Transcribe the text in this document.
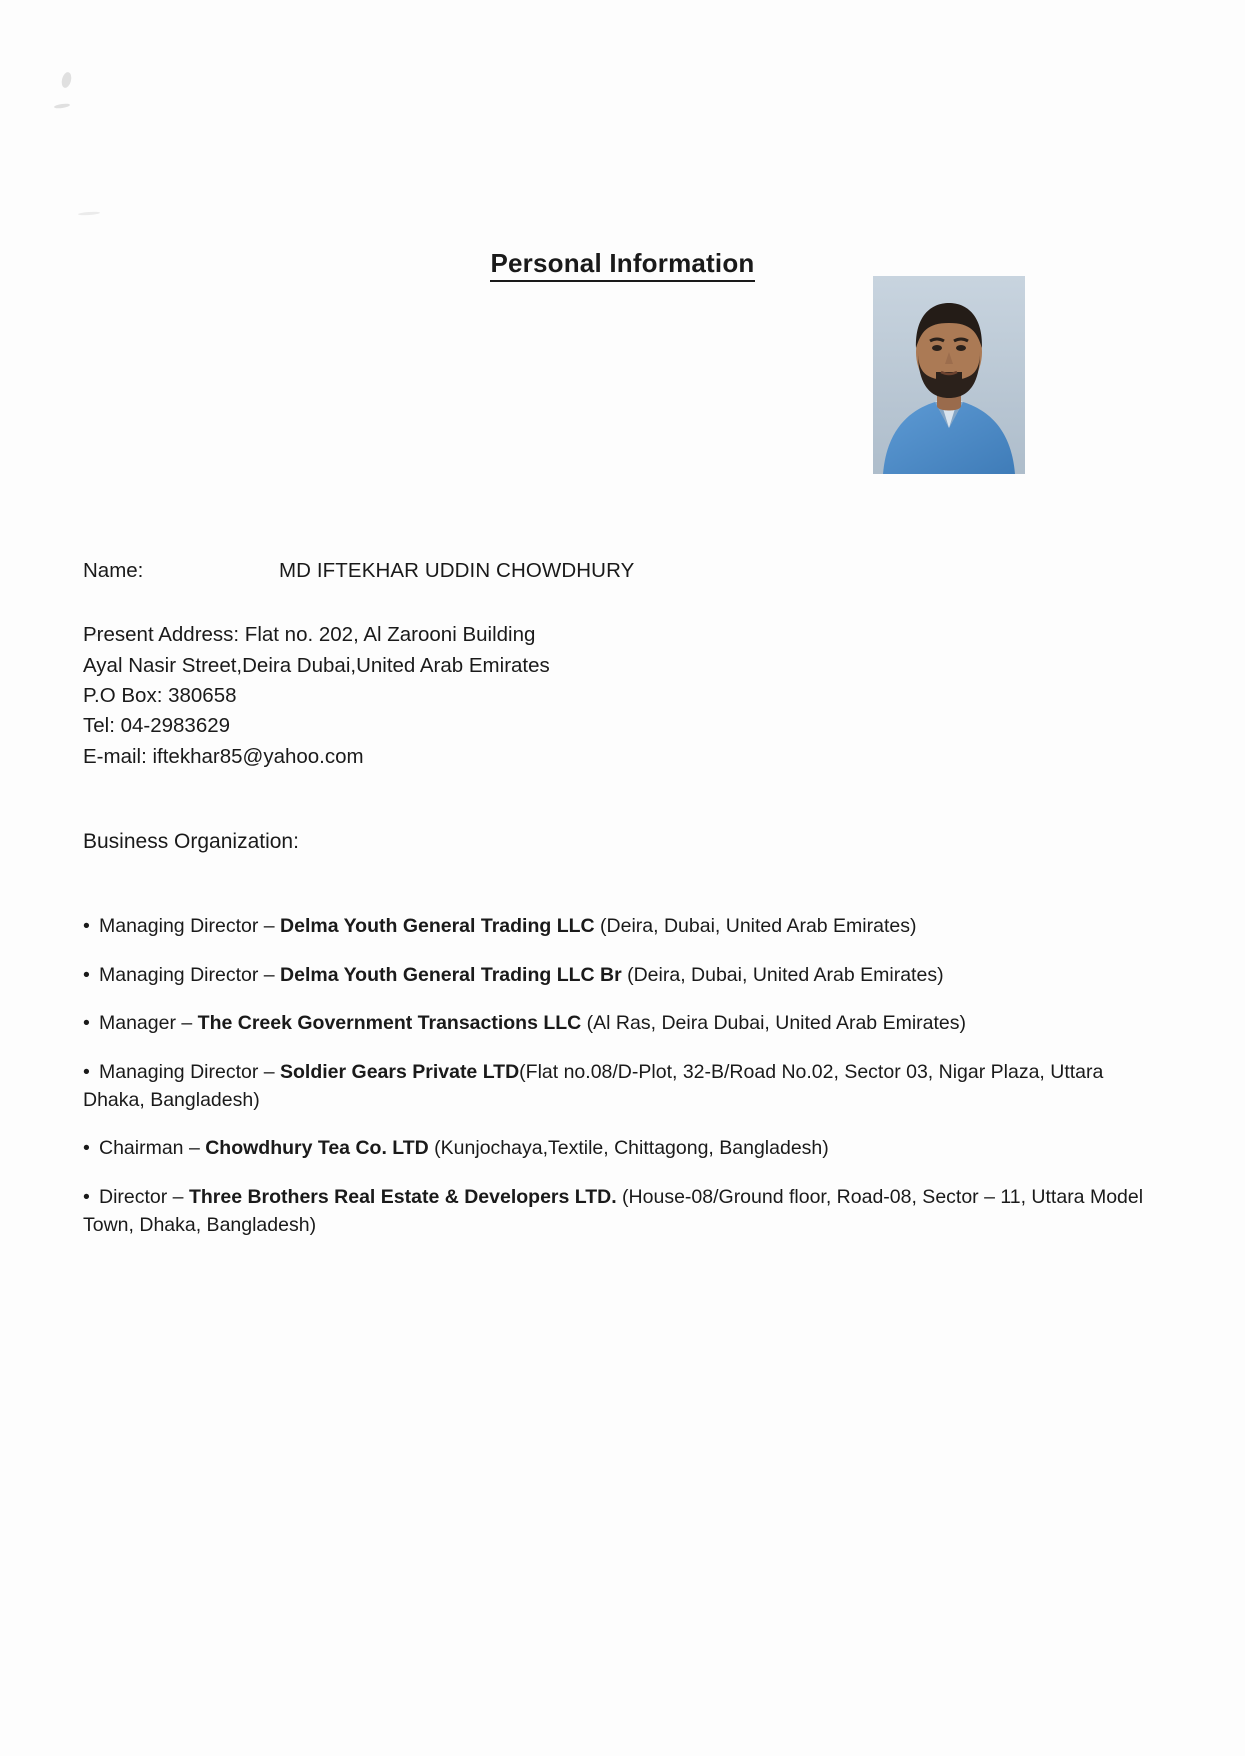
Personal Information
Name:	MD IFTEKHAR UDDIN CHOWDHURY
Present Address: Flat no. 202, Al Zarooni Building
Ayal Nasir Street,Deira Dubai,United Arab Emirates
P.O Box: 380658
Tel: 04-2983629
E-mail: iftekhar85@yahoo.com
Business Organization:
• Managing Director – Delma Youth General Trading LLC (Deira, Dubai, United Arab Emirates)
• Managing Director – Delma Youth General Trading LLC Br (Deira, Dubai, United Arab Emirates)
• Manager – The Creek Government Transactions LLC (Al Ras, Deira Dubai, United Arab Emirates)
• Managing Director – Soldier Gears Private LTD(Flat no.08/D-Plot, 32-B/Road No.02, Sector 03, Nigar Plaza, Uttara Dhaka, Bangladesh)
• Chairman – Chowdhury Tea Co. LTD (Kunjochaya,Textile, Chittagong, Bangladesh)
• Director – Three Brothers Real Estate & Developers LTD. (House-08/Ground floor, Road-08, Sector – 11, Uttara Model Town, Dhaka, Bangladesh)
